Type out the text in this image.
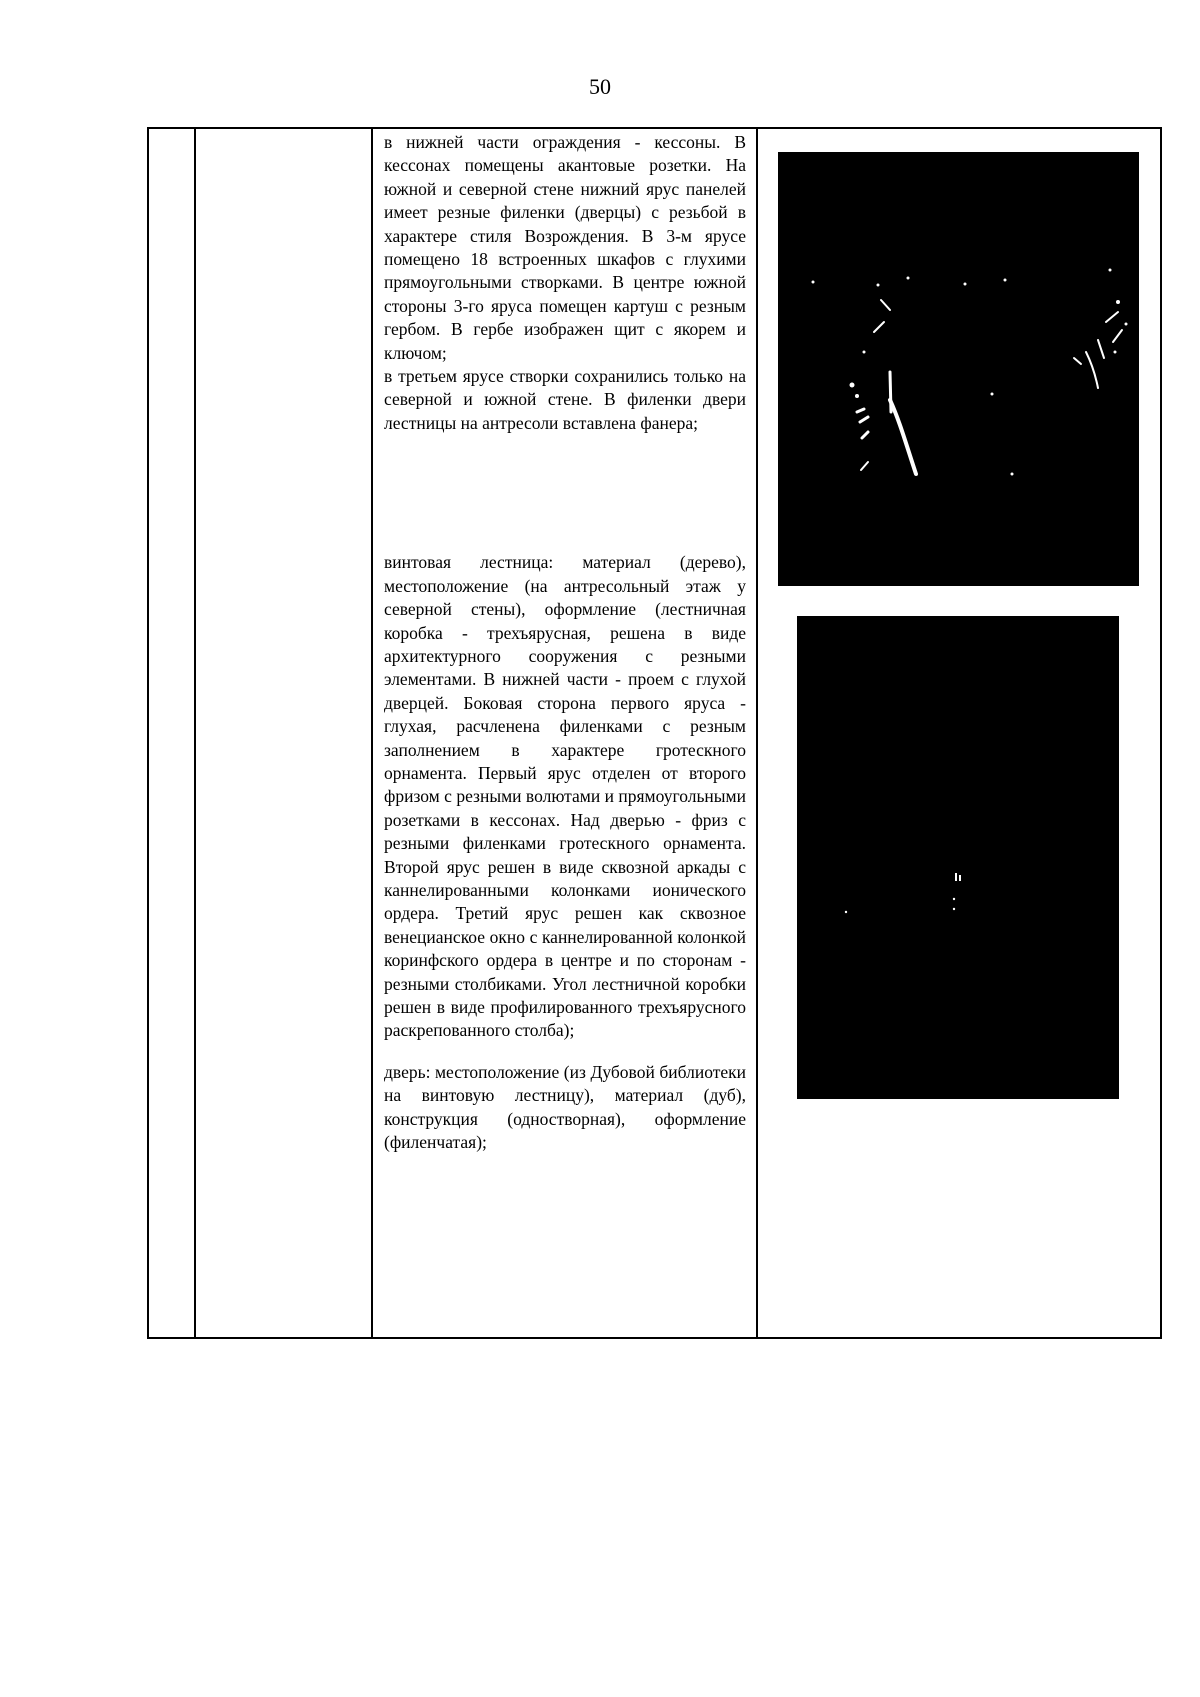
50

в нижней части ограждения - кессоны. В кессонах помещены акантовые розетки. На южной и северной стене нижний ярус панелей имеет резные филенки (дверцы) с резьбой в характере стиля Возрождения. В 3-м ярусе помещено 18 встроенных шкафов с глухими прямоугольными створками. В центре южной стороны 3-го яруса помещен картуш с резным гербом. В гербе изображен щит с якорем и ключом;

в третьем ярусе створки сохранились только на северной и южной стене. В филенки двери лестницы на антресоли вставлена фанера;

винтовая лестница: материал (дерево), местоположение (на антресольный этаж у северной стены), оформление (лестничная коробка - трехъярусная, решена в виде архитектурного сооружения с резными элементами. В нижней части - проем с глухой дверцей. Боковая сторона первого яруса - глухая, расчленена филенками с резным заполнением в характере гротескного орнамента. Первый ярус отделен от второго фризом с резными волютами и прямоугольными розетками в кессонах. Над дверью - фриз с резными филенками гротескного орнамента. Второй ярус решен в виде сквозной аркады с каннелированными колонками ионического ордера. Третий ярус решен как сквозное венецианское окно с каннелированной колонкой коринфского ордера в центре и по сторонам - резными столбиками. Угол лестничной коробки решен в виде профилированного трехъярусного раскрепованного столба);

дверь: местоположение (из Дубовой библиотеки на винтовую лестницу), материал (дуб), конструкция (одностворная), оформление (филенчатая);
